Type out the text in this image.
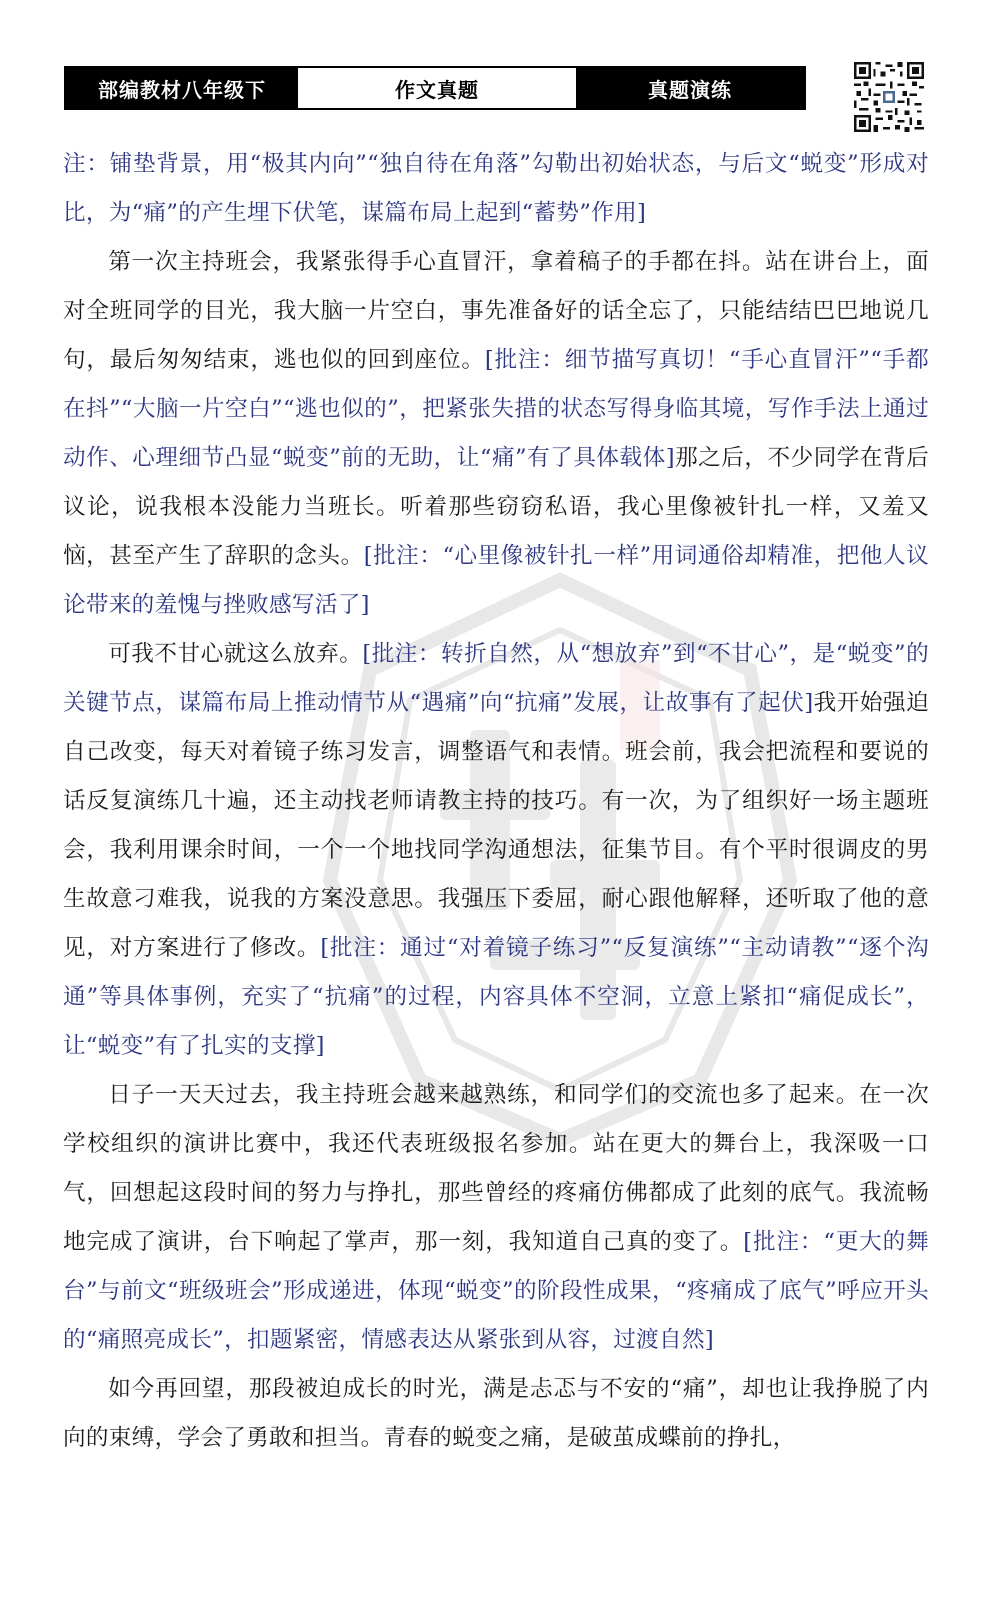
部编教材八年级下	作文真题	真题演练

注：铺垫背景，用“极其内向”“独自待在角落”勾勒出初始状态，与后文“蜕变”形成对比，为“痛”的产生埋下伏笔，谋篇布局上起到“蓄势”作用]

第一次主持班会，我紧张得手心直冒汗，拿着稿子的手都在抖。站在讲台上，面对全班同学的目光，我大脑一片空白，事先准备好的话全忘了，只能结结巴巴地说几句，最后匆匆结束，逃也似的回到座位。[批注：细节描写真切！“手心直冒汗”“手都在抖”“大脑一片空白”“逃也似的”，把紧张失措的状态写得身临其境，写作手法上通过动作、心理细节凸显“蜕变”前的无助，让“痛”有了具体载体]那之后，不少同学在背后议论，说我根本没能力当班长。听着那些窃窃私语，我心里像被针扎一样，又羞又恼，甚至产生了辞职的念头。[批注：“心里像被针扎一样”用词通俗却精准，把他人议论带来的羞愧与挫败感写活了]

可我不甘心就这么放弃。[批注：转折自然，从“想放弃”到“不甘心”，是“蜕变”的关键节点，谋篇布局上推动情节从“遇痛”向“抗痛”发展，让故事有了起伏]我开始强迫自己改变，每天对着镜子练习发言，调整语气和表情。班会前，我会把流程和要说的话反复演练几十遍，还主动找老师请教主持的技巧。有一次，为了组织好一场主题班会，我利用课余时间，一个一个地找同学沟通想法，征集节目。有个平时很调皮的男生故意刁难我，说我的方案没意思。我强压下委屈，耐心跟他解释，还听取了他的意见，对方案进行了修改。[批注：通过“对着镜子练习”“反复演练”“主动请教”“逐个沟通”等具体事例，充实了“抗痛”的过程，内容具体不空洞，立意上紧扣“痛促成长”，让“蜕变”有了扎实的支撑]

日子一天天过去，我主持班会越来越熟练，和同学们的交流也多了起来。在一次学校组织的演讲比赛中，我还代表班级报名参加。站在更大的舞台上，我深吸一口气，回想起这段时间的努力与挣扎，那些曾经的疼痛仿佛都成了此刻的底气。我流畅地完成了演讲，台下响起了掌声，那一刻，我知道自己真的变了。[批注：“更大的舞台”与前文“班级班会”形成递进，体现“蜕变”的阶段性成果，“疼痛成了底气”呼应开头的“痛照亮成长”，扣题紧密，情感表达从紧张到从容，过渡自然]

如今再回望，那段被迫成长的时光，满是忐忑与不安的“痛”，却也让我挣脱了内向的束缚，学会了勇敢和担当。青春的蜕变之痛，是破茧成蝶前的挣扎，
